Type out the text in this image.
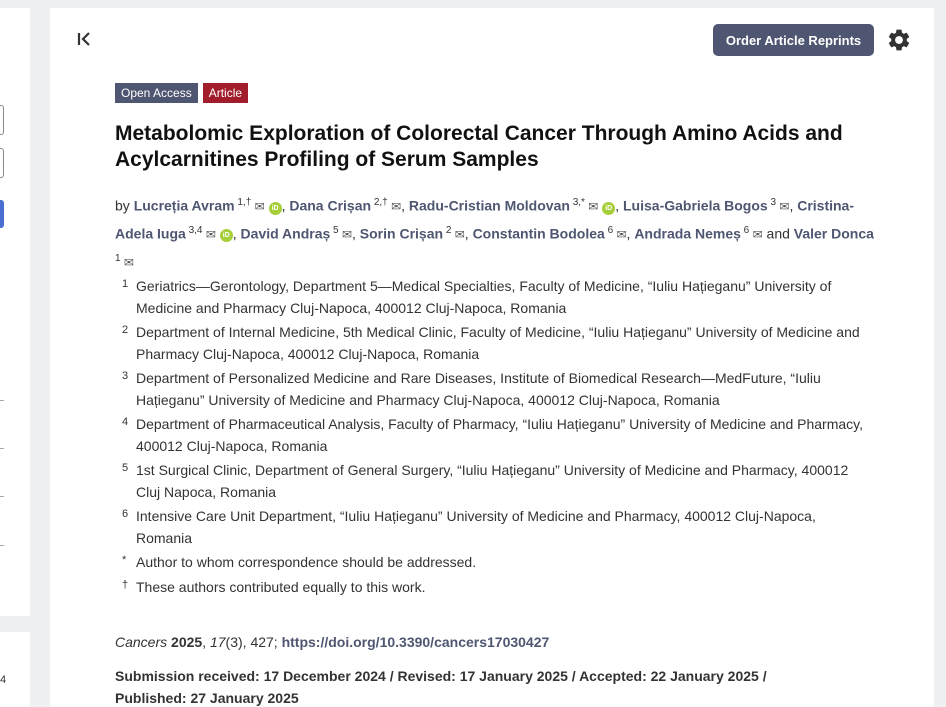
4
Order Article Reprints
Open Access	Article
Metabolomic Exploration of Colorectal Cancer Through Amino Acids and Acylcarnitines Profiling of Serum Samples
by Lucreția Avram $^{1,\dagger}$ ✉ iD , Dana Crișan $^{2,\dagger}$ ✉, Radu-Cristian Moldovan $^{3,*}$ ✉ iD , Luisa-Gabriela Bogos $^3$ ✉, Cristina-Adela Iuga $^{3,4}$ ✉ iD , David Andraș $^5$ ✉, Sorin Crișan $^2$ ✉, Constantin Bodolea $^6$ ✉, Andrada Nemeș $^6$ ✉ and Valer Donca $^1$ ✉
1 Geriatrics—Gerontology, Department 5—Medical Specialties, Faculty of Medicine, “Iuliu Hațieganu” University of Medicine and Pharmacy Cluj-Napoca, 400012 Cluj-Napoca, Romania
2 Department of Internal Medicine, 5th Medical Clinic, Faculty of Medicine, “Iuliu Hațieganu” University of Medicine and Pharmacy Cluj-Napoca, 400012 Cluj-Napoca, Romania
3 Department of Personalized Medicine and Rare Diseases, Institute of Biomedical Research—MedFuture, “Iuliu Hațieganu” University of Medicine and Pharmacy Cluj-Napoca, 400012 Cluj-Napoca, Romania
4 Department of Pharmaceutical Analysis, Faculty of Pharmacy, “Iuliu Hațieganu” University of Medicine and Pharmacy, 400012 Cluj-Napoca, Romania
5 1st Surgical Clinic, Department of General Surgery, “Iuliu Hațieganu” University of Medicine and Pharmacy, 400012 Cluj Napoca, Romania
6 Intensive Care Unit Department, “Iuliu Hațieganu” University of Medicine and Pharmacy, 400012 Cluj-Napoca, Romania
* Author to whom correspondence should be addressed.
† These authors contributed equally to this work.
Cancers 2025, 17(3), 427; https://doi.org/10.3390/cancers17030427
Submission received: 17 December 2024 / Revised: 17 January 2025 / Accepted: 22 January 2025 / Published: 27 January 2025
